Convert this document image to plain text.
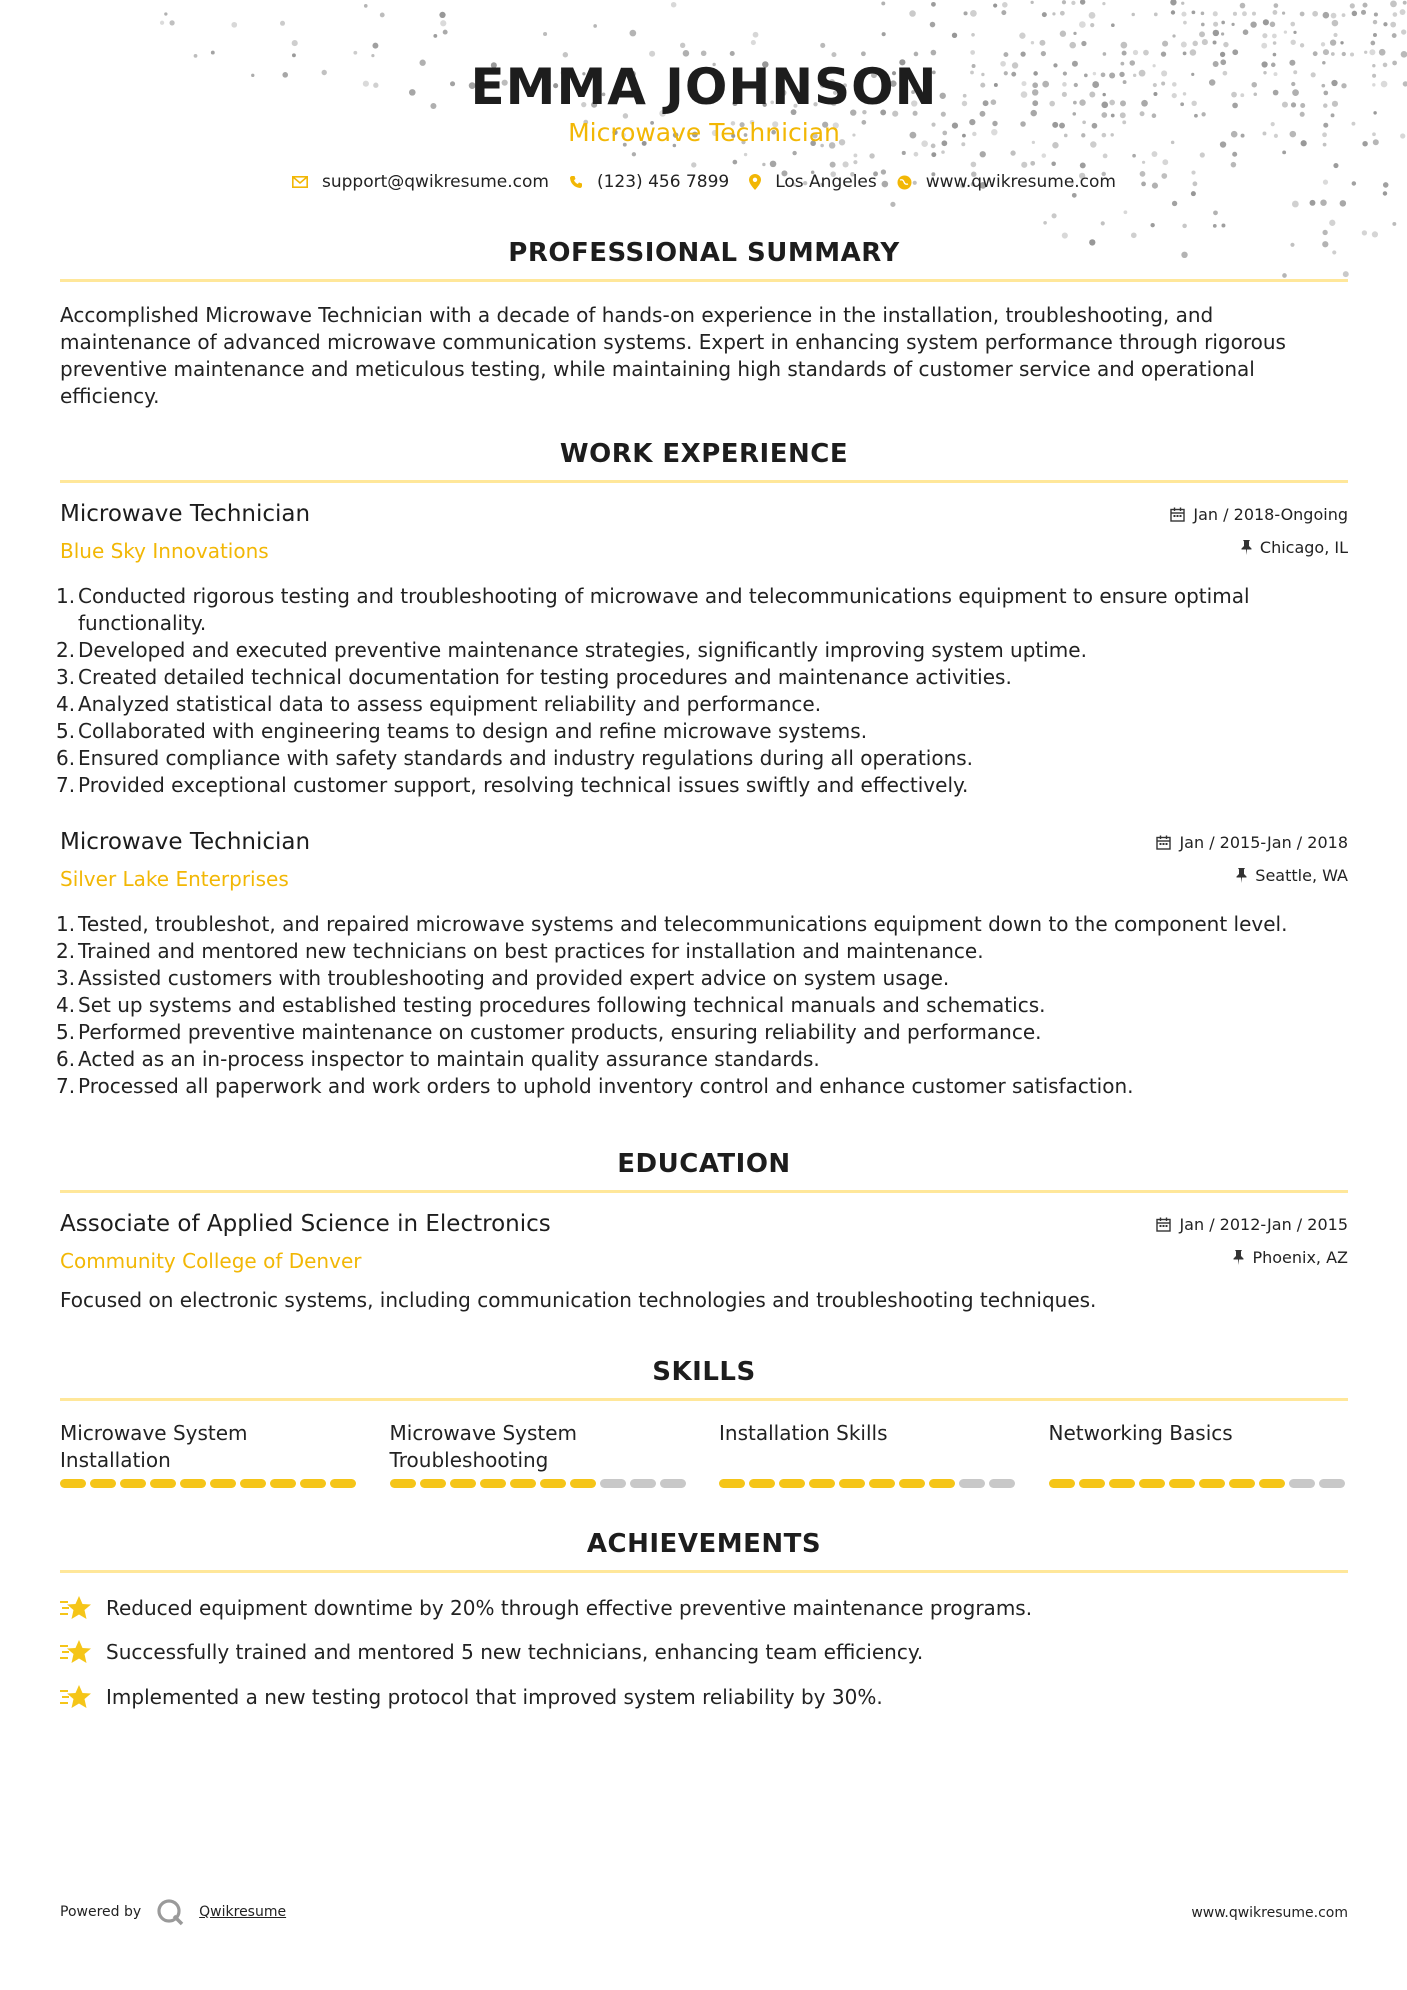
EMMA JOHNSON
Microwave Technician
support@qwikresume.com	(123) 456 7899	Los Angeles	www.qwikresume.com
PROFESSIONAL SUMMARY
Accomplished Microwave Technician with a decade of hands-on experience in the installation, troubleshooting, and maintenance of advanced microwave communication systems. Expert in enhancing system performance through rigorous preventive maintenance and meticulous testing, while maintaining high standards of customer service and operational efficiency.
WORK EXPERIENCE
Microwave Technician
Blue Sky Innovations
Jan / 2018-Ongoing
Chicago, IL
1. Conducted rigorous testing and troubleshooting of microwave and telecommunications equipment to ensure optimal functionality.
2. Developed and executed preventive maintenance strategies, significantly improving system uptime.
3. Created detailed technical documentation for testing procedures and maintenance activities.
4. Analyzed statistical data to assess equipment reliability and performance.
5. Collaborated with engineering teams to design and refine microwave systems.
6. Ensured compliance with safety standards and industry regulations during all operations.
7. Provided exceptional customer support, resolving technical issues swiftly and effectively.
Microwave Technician
Silver Lake Enterprises
Jan / 2015-Jan / 2018
Seattle, WA
1. Tested, troubleshot, and repaired microwave systems and telecommunications equipment down to the component level.
2. Trained and mentored new technicians on best practices for installation and maintenance.
3. Assisted customers with troubleshooting and provided expert advice on system usage.
4. Set up systems and established testing procedures following technical manuals and schematics.
5. Performed preventive maintenance on customer products, ensuring reliability and performance.
6. Acted as an in-process inspector to maintain quality assurance standards.
7. Processed all paperwork and work orders to uphold inventory control and enhance customer satisfaction.
EDUCATION
Associate of Applied Science in Electronics
Community College of Denver
Jan / 2012-Jan / 2015
Phoenix, AZ
Focused on electronic systems, including communication technologies and troubleshooting techniques.
SKILLS
Microwave System Installation
Microwave System Troubleshooting
Installation Skills	Networking Basics
ACHIEVEMENTS
Reduced equipment downtime by 20% through effective preventive maintenance programs.
Successfully trained and mentored 5 new technicians, enhancing team efficiency.
Implemented a new testing protocol that improved system reliability by 30%.
Powered by	Qwikresume	www.qwikresume.com
